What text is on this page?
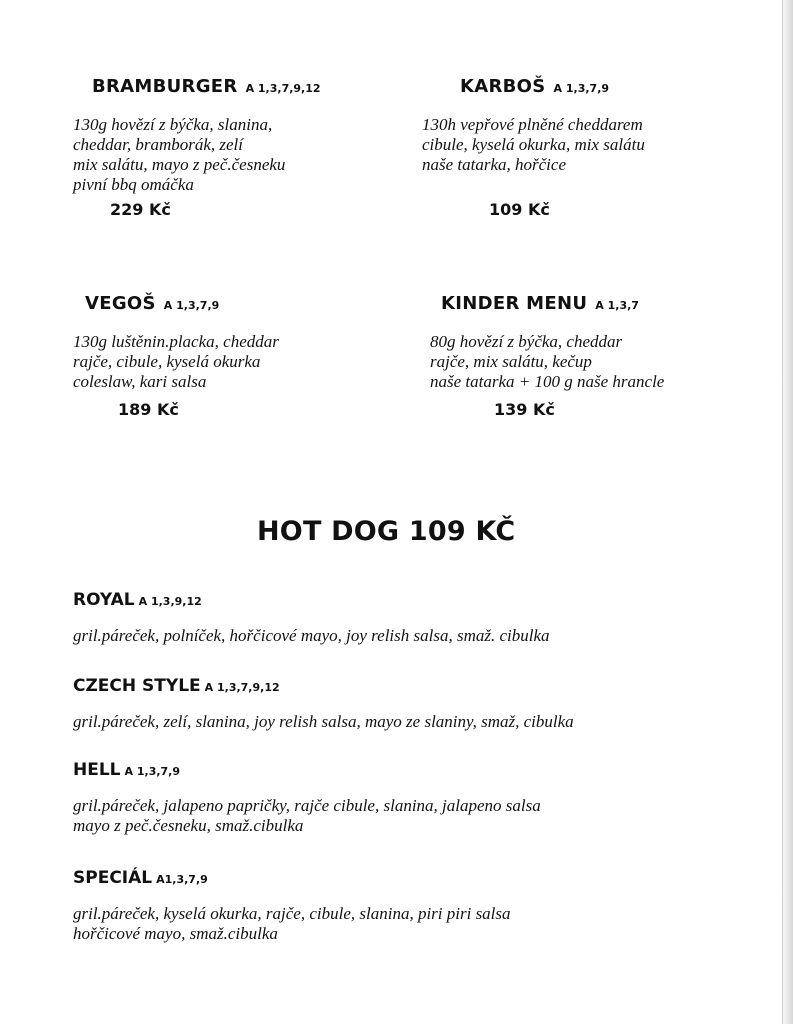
BRAMBURGER A 1,3,7,9,12
130g hovězí z býčka, slanina,
cheddar, bramborák, zelí
mix salátu, mayo z peč.česneku
pivní bbq omáčka
229 Kč
KARBOŠ A 1,3,7,9
130h vepřové plněné cheddarem
cibule, kyselá okurka, mix salátu
naše tatarka, hořčice
109 Kč
VEGOŠ A 1,3,7,9
130g luštěnin.placka, cheddar
rajče, cibule, kyselá okurka
coleslaw, kari salsa
189 Kč
KINDER MENU A 1,3,7
80g hovězí z býčka, cheddar
rajče, mix salátu, kečup
naše tatarka + 100 g naše hrancle
139 Kč
HOT DOG 109 KČ
ROYAL A 1,3,9,12
gril.páreček, polníček, hořčicové mayo, joy relish salsa, smaž. cibulka
CZECH STYLE A 1,3,7,9,12
gril.páreček, zelí, slanina, joy relish salsa, mayo ze slaniny, smaž, cibulka
HELL A 1,3,7,9
gril.páreček, jalapeno papričky, rajče cibule, slanina, jalapeno salsa
mayo z peč.česneku, smaž.cibulka
SPECIÁL A1,3,7,9
gril.páreček, kyselá okurka, rajče, cibule, slanina, piri piri salsa
hořčicové mayo, smaž.cibulka
